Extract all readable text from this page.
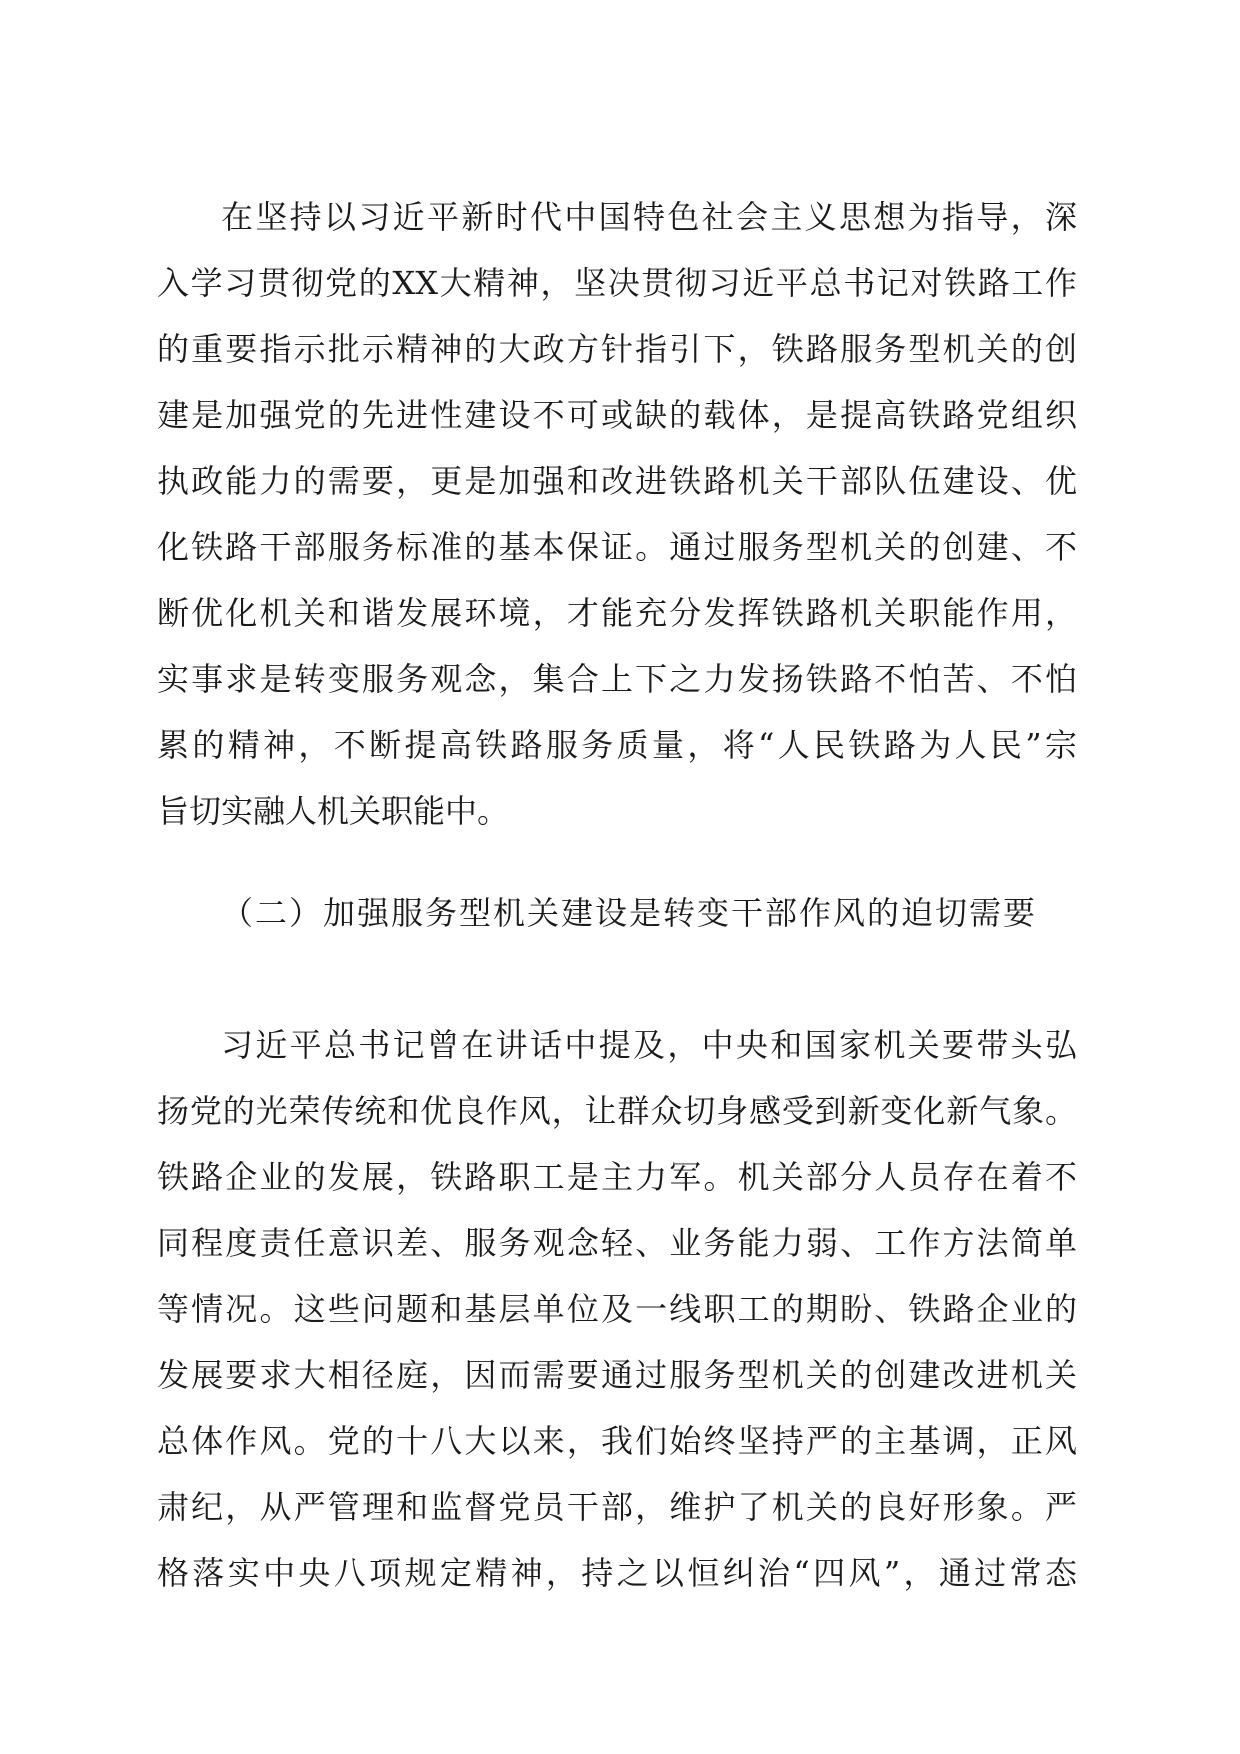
在坚持以习近平新时代中国特色社会主义思想为指导，深
入学习贯彻党的XX大精神，坚决贯彻习近平总书记对铁路工作
的重要指示批示精神的大政方针指引下，铁路服务型机关的创
建是加强党的先进性建设不可或缺的载体，是提高铁路党组织
执政能力的需要，更是加强和改进铁路机关干部队伍建设、优
化铁路干部服务标准的基本保证。通过服务型机关的创建、不
断优化机关和谐发展环境，才能充分发挥铁路机关职能作用，
实事求是转变服务观念，集合上下之力发扬铁路不怕苦、不怕
累的精神，不断提高铁路服务质量，将“人民铁路为人民”宗
旨切实融人机关职能中。
（二）加强服务型机关建设是转变干部作风的迫切需要
习近平总书记曾在讲话中提及，中央和国家机关要带头弘
扬党的光荣传统和优良作风，让群众切身感受到新变化新气象。
铁路企业的发展，铁路职工是主力军。机关部分人员存在着不
同程度责任意识差、服务观念轻、业务能力弱、工作方法简单
等情况。这些问题和基层单位及一线职工的期盼、铁路企业的
发展要求大相径庭，因而需要通过服务型机关的创建改进机关
总体作风。党的十八大以来，我们始终坚持严的主基调，正风
肃纪，从严管理和监督党员干部，维护了机关的良好形象。严
格落实中央八项规定精神，持之以恒纠治“四风”，通过常态
